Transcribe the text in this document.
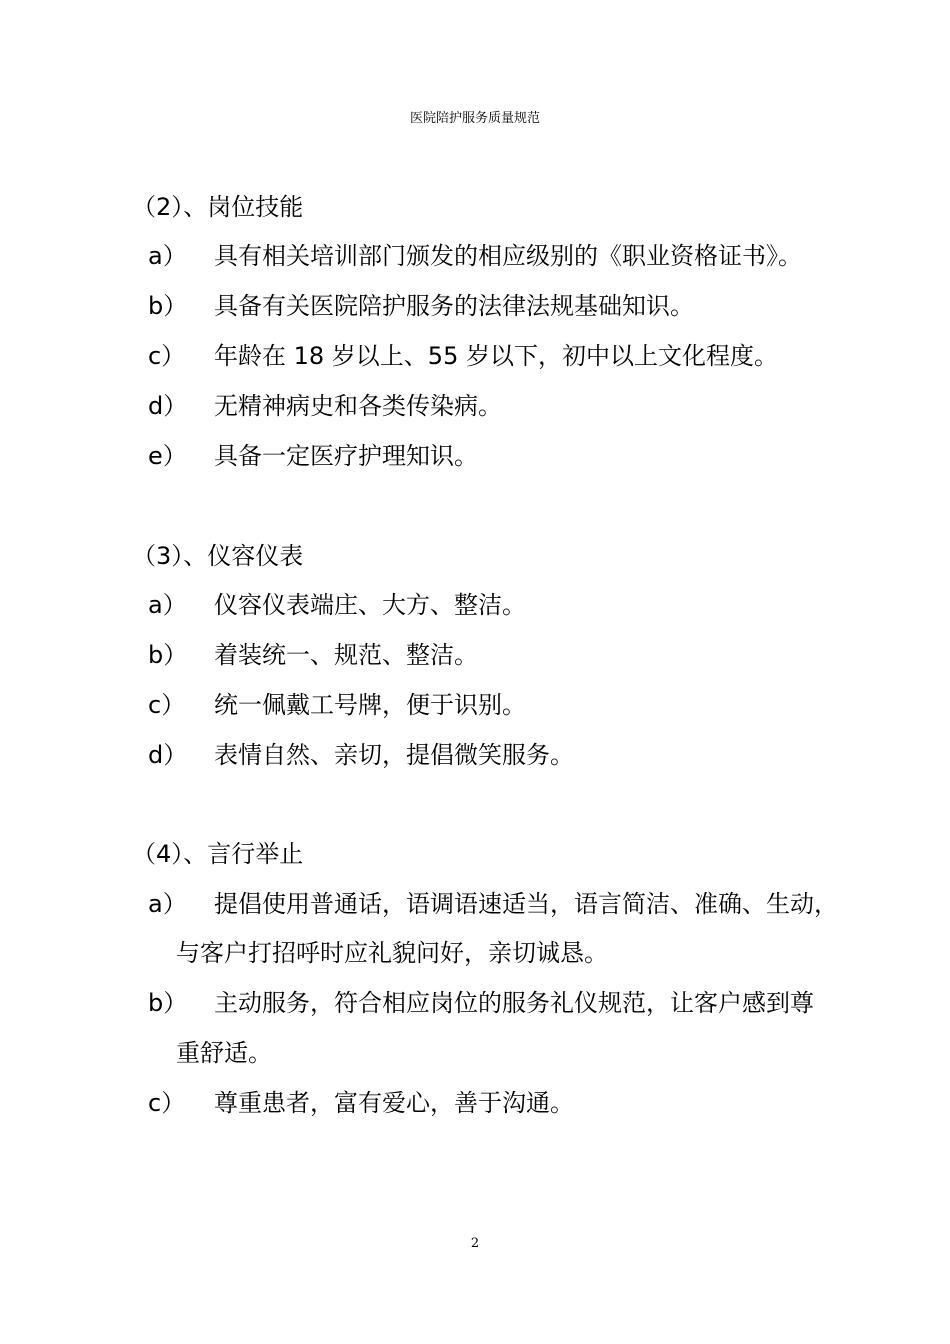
医院陪护服务质量规范
（2）、岗位技能
a） 具有相关培训部门颁发的相应级别的《职业资格证书》。
b） 具备有关医院陪护服务的法律法规基础知识。
c） 年龄在 18 岁以上、55 岁以下，初中以上文化程度。
d） 无精神病史和各类传染病。
e） 具备一定医疗护理知识。
（3）、仪容仪表
a） 仪容仪表端庄、大方、整洁。
b） 着装统一、规范、整洁。
c） 统一佩戴工号牌，便于识别。
d） 表情自然、亲切，提倡微笑服务。
（4）、言行举止
a） 提倡使用普通话，语调语速适当，语言简洁、准确、生动，
与客户打招呼时应礼貌问好，亲切诚恳。
b） 主动服务，符合相应岗位的服务礼仪规范，让客户感到尊
重舒适。
c） 尊重患者，富有爱心，善于沟通。
2
